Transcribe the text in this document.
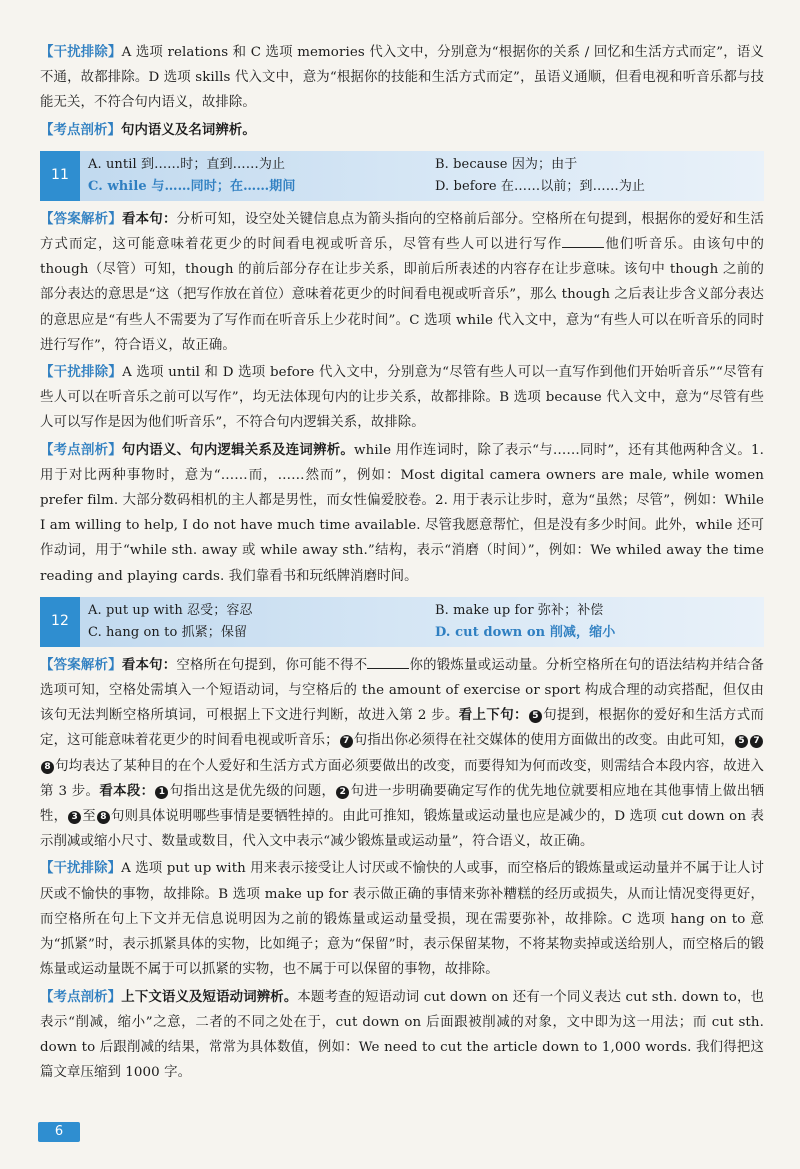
【干扰排除】A 选项 relations 和 C 选项 memories 代入文中，分别意为“根据你的关系 / 回忆和生活方式而定”，语义不通，故都排除。D 选项 skills 代入文中，意为“根据你的技能和生活方式而定”，虽语义通顺，但看电视和听音乐都与技能无关，不符合句内语义，故排除。

【考点剖析】句内语义及名词辨析。

11
A. until 到……时；直到……为止	B. because 因为；由于
C. while 与……同时；在……期间	D. before 在……以前；到……为止

【答案解析】看本句：分析可知，设空处关键信息点为箭头指向的空格前后部分。空格所在句提到，根据你的爱好和生活方式而定，这可能意味着花更少的时间看电视或听音乐，尽管有些人可以进行写作	他们听音乐。由该句中的 though（尽管）可知，though 的前后部分存在让步关系，即前后所表述的内容存在让步意味。该句中 though 之前的部分表达的意思是“这（把写作放在首位）意味着花更少的时间看电视或听音乐”，那么 though 之后表让步含义部分表达的意思应是“有些人不需要为了写作而在听音乐上少花时间”。C 选项 while 代入文中，意为“有些人可以在听音乐的同时进行写作”，符合语义，故正确。

【干扰排除】A 选项 until 和 D 选项 before 代入文中，分别意为“尽管有些人可以一直写作到他们开始听音乐”“尽管有些人可以在听音乐之前可以写作”，均无法体现句内的让步关系，故都排除。B 选项 because 代入文中，意为“尽管有些人可以写作是因为他们听音乐”，不符合句内逻辑关系，故排除。

【考点剖析】句内语义、句内逻辑关系及连词辨析。while 用作连词时，除了表示“与……同时”，还有其他两种含义。1. 用于对比两种事物时，意为“……而，……然而”，例如：Most digital camera owners are male, while women prefer film. 大部分数码相机的主人都是男性，而女性偏爱胶卷。2. 用于表示让步时，意为“虽然；尽管”，例如：While I am willing to help, I do not have much time available. 尽管我愿意帮忙，但是没有多少时间。此外，while 还可作动词，用于“while sth. away 或 while away sth.”结构，表示“消磨（时间）”，例如：We whiled away the time reading and playing cards. 我们靠看书和玩纸牌消磨时间。

12
A. put up with 忍受；容忍	B. make up for 弥补；补偿
C. hang on to 抓紧；保留	D. cut down on 削减，缩小

【答案解析】看本句：空格所在句提到，你可能不得不	你的锻炼量或运动量。分析空格所在句的语法结构并结合备选项可知，空格处需填入一个短语动词，与空格后的 the amount of exercise or sport 构成合理的动宾搭配，但仅由该句无法判断空格所填词，可根据上下文进行判断，故进入第 2 步。看上下句： 5 句提到，根据你的爱好和生活方式而定，这可能意味着花更少的时间看电视或听音乐； 7 句指出你必须得在社交媒体的使用方面做出的改变。由此可知， 5 78 句均表达了某种目的在个人爱好和生活方式方面必须要做出的改变，而要得知为何而改变，则需结合本段内容，故进入第 3 步。看本段： 1 句指出这是优先级的问题， 2 句进一步明确要确定写作的优先地位就要相应地在其他事情上做出牺牲， 3 至 8 句则具体说明哪些事情是要牺牲掉的。由此可推知，锻炼量或运动量也应是减少的，D 选项 cut down on 表示削减或缩小尺寸、数量或数目，代入文中表示“减少锻炼量或运动量”，符合语义，故正确。

【干扰排除】A 选项 put up with 用来表示接受让人讨厌或不愉快的人或事，而空格后的锻炼量或运动量并不属于让人讨厌或不愉快的事物，故排除。B 选项 make up for 表示做正确的事情来弥补糟糕的经历或损失，从而让情况变得更好，而空格所在句上下文并无信息说明因为之前的锻炼量或运动量受损，现在需要弥补，故排除。C 选项 hang on to 意为“抓紧”时，表示抓紧具体的实物，比如绳子；意为“保留”时，表示保留某物，不将某物卖掉或送给别人，而空格后的锻炼量或运动量既不属于可以抓紧的实物，也不属于可以保留的事物，故排除。

【考点剖析】上下文语义及短语动词辨析。本题考查的短语动词 cut down on 还有一个同义表达 cut sth. down to，也表示“削减，缩小”之意，二者的不同之处在于，cut down on 后面跟被削减的对象，文中即为这一用法；而 cut sth. down to 后跟削减的结果，常常为具体数值，例如：We need to cut the article down to 1,000 words. 我们得把这篇文章压缩到 1000 字。

6
